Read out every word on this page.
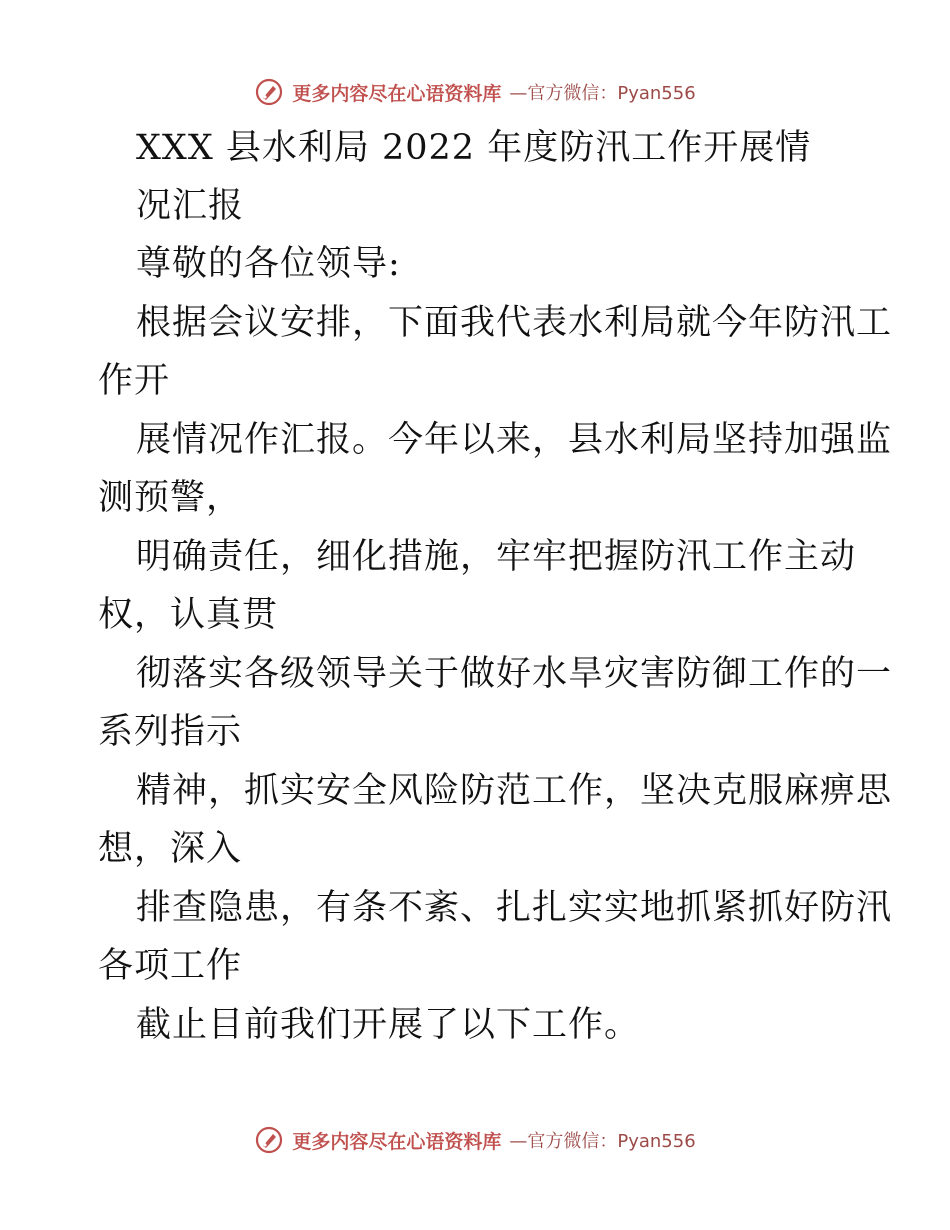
更多内容尽在心语资料库 —官方微信：Pyan556
XXX 县水利局 2022 年度防汛工作开展情
况汇报
尊敬的各位领导:
根据会议安排，下面我代表水利局就今年防汛工
作开
展情况作汇报。今年以来，县水利局坚持加强监
测预警，
明确责任，细化措施，牢牢把握防汛工作主动
权，认真贯
彻落实各级领导关于做好水旱灾害防御工作的一
系列指示
精神，抓实安全风险防范工作，坚决克服麻痹思
想，深入
排查隐患，有条不紊、扎扎实实地抓紧抓好防汛
各项工作
截止目前我们开展了以下工作。
更多内容尽在心语资料库 —官方微信：Pyan556
